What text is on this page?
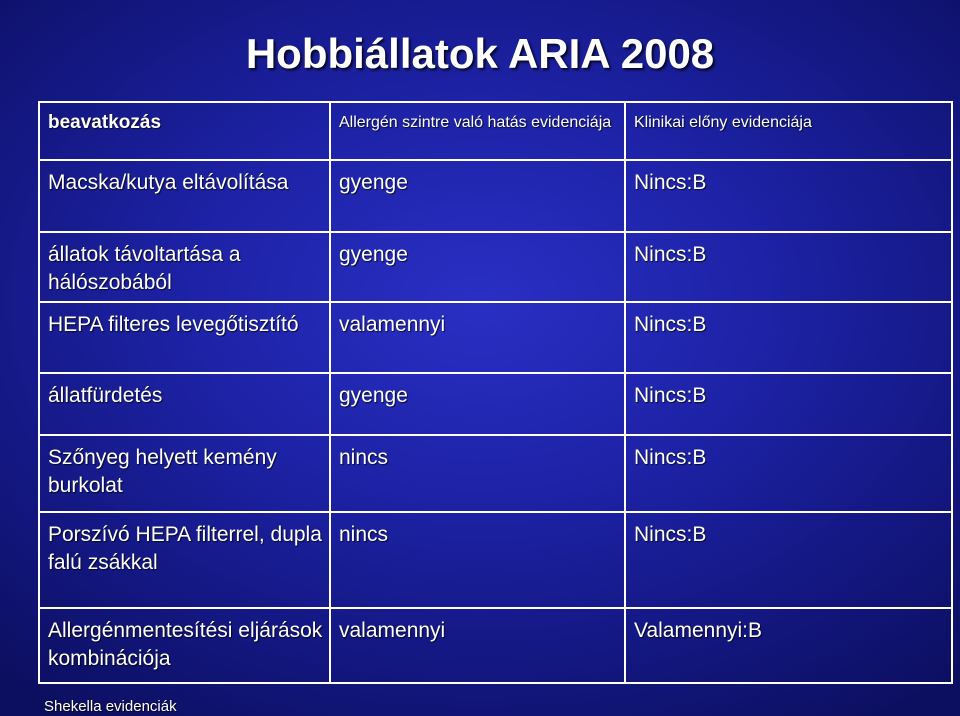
Hobbiállatok ARIA 2008
beavatkozás	Allergén szintre való hatás evidenciája	Klinikai előny evidenciája

Macska/kutya eltávolítása	gyenge	Nincs:B

állatok távoltartása a hálószobából	gyenge	Nincs:B

HEPA filteres levegőtisztító	valamennyi	Nincs:B

állatfürdetés	gyenge	Nincs:B

Szőnyeg helyett kemény burkolat	nincs	Nincs:B

Porszívó HEPA filterrel, dupla falú zsákkal	nincs	Nincs:B

Allergénmentesítési eljárások kombinációja	valamennyi	Valamennyi:B
Shekella evidenciák
